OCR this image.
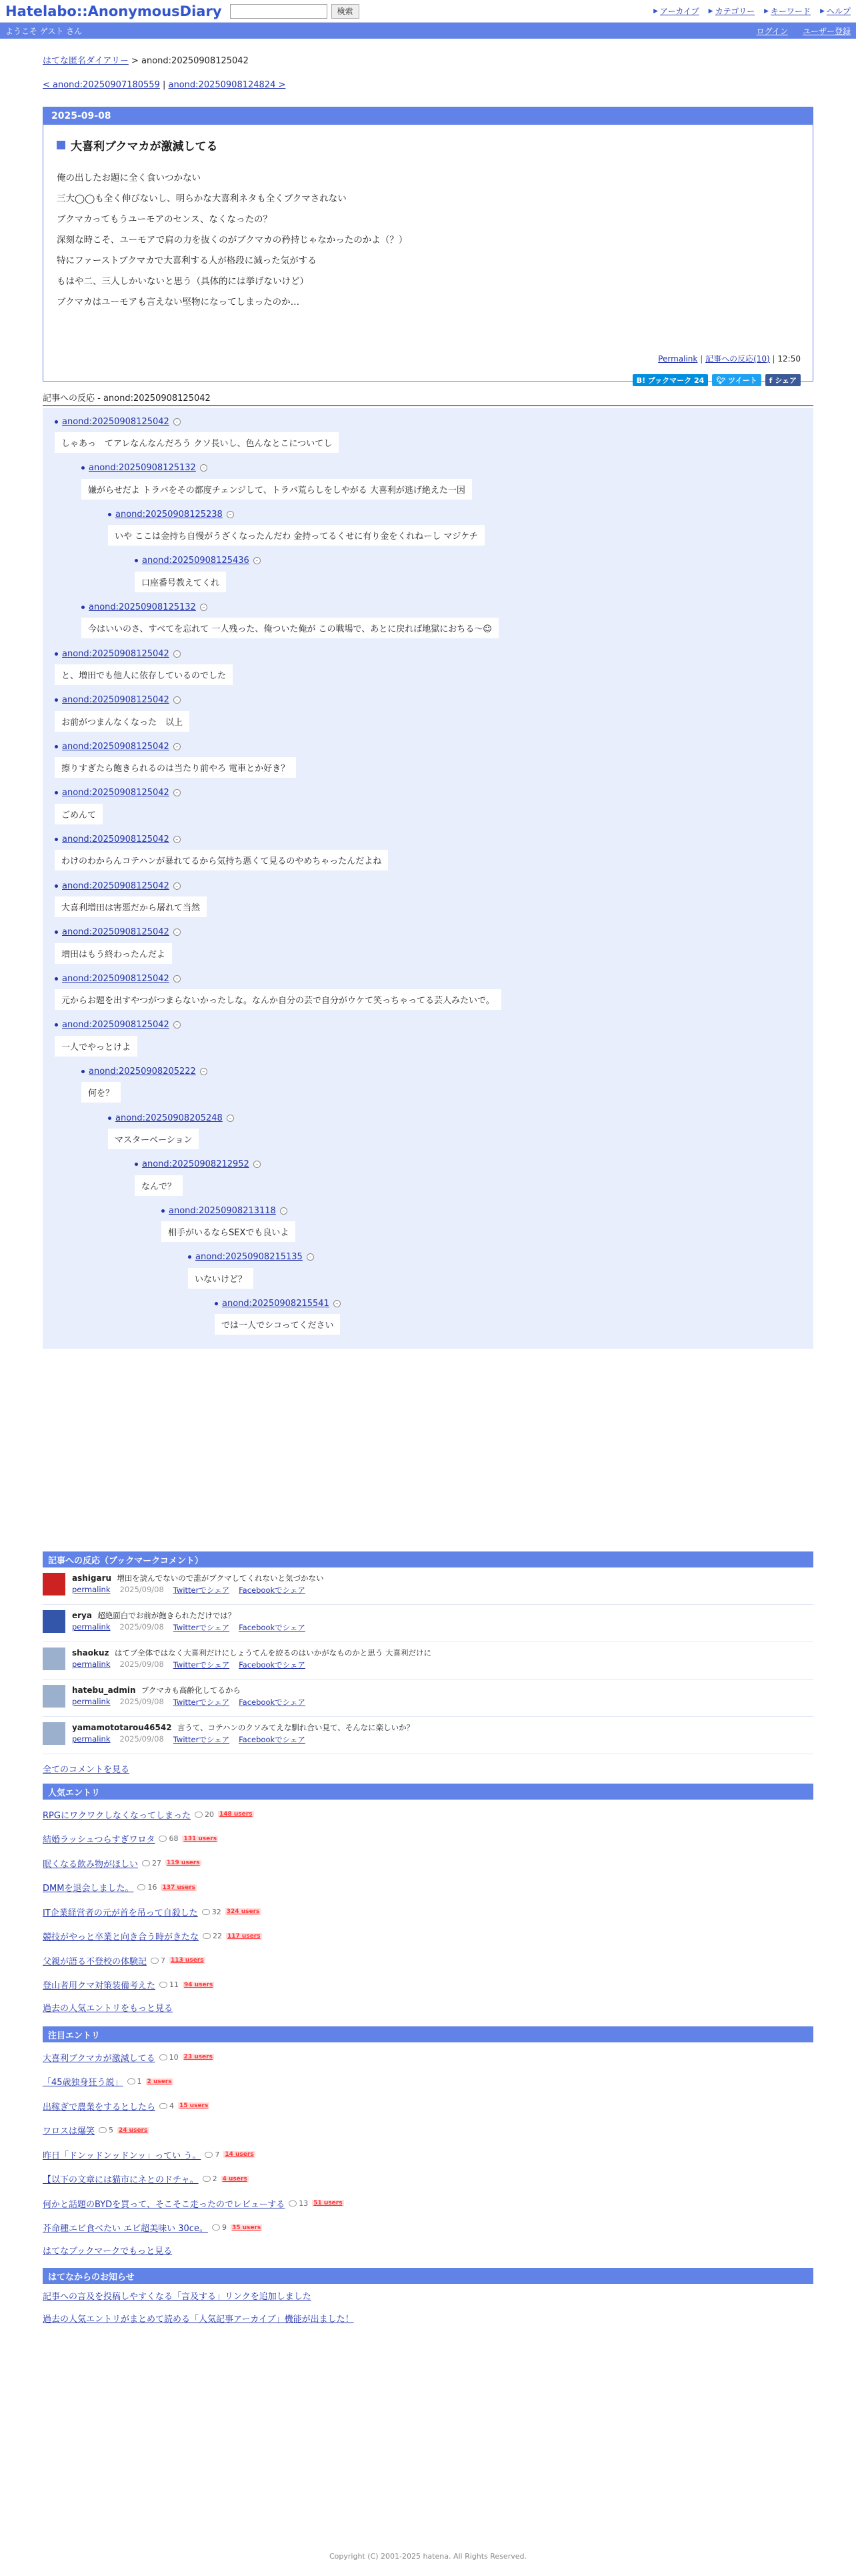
Hatelabo::AnonymousDiary	検索	▶ アーカイブ ▶ カテゴリー ▶ キーワード ▶ ヘルプ
ようこそ ゲスト さん	ログイン ユーザー登録
はてな匿名ダイアリー > anond:20250908125042
< anond:20250907180559 | anond:20250908124824 >
2025-09-08
大喜利ブクマカが激減してる
俺の出したお題に全く食いつかない
三大◯◯も全く伸びないし、明らかな大喜利ネタも全くブクマされない
ブクマカってもうユーモアのセンス、なくなったの？
深刻な時こそ、ユーモアで肩の力を抜くのがブクマカの矜持じゃなかったのかよ（？）
特にファーストブクマカで大喜利する人が格段に減った気がする
もはや二、三人しかいないと思う（具体的には挙げないけど）
ブクマカはユーモアも言えない堅物になってしまったのか…
Permalink | 記事への反応(10) | 12:50
B! ブックマーク 24	🐦︎
ツイート f
シェア
記事への反応 - anond:20250908125042
anond:20250908125042	–
しゃあっ　てアレなんなんだろう クソ長いし、色んなとこについてし
anond:20250908125132	–
嫌がらせだよ トラバをその都度チェンジして、トラバ荒らしをしやがる 大喜利が逃げ絶えた一因
anond:20250908125238	–
いや ここは金持ち自慢がうざくなったんだわ 金持ってるくせに有り金をくれねーし マジケチ
anond:20250908125436	–
口座番号教えてくれ
anond:20250908125132	–
今はいいのさ、すべてを忘れて 一人残った、俺ついた俺が この戦場で、あとに戻れば地獄におちる〜☺
anond:20250908125042	–
と、増田でも他人に依存しているのでした
anond:20250908125042	–
お前がつまんなくなった　以上
anond:20250908125042	–
擦りすぎたら飽きられるのは当たり前やろ 電車とか好き？
anond:20250908125042	–
ごめんて
anond:20250908125042	–
わけのわからんコテハンが暴れてるから気持ち悪くて見るのやめちゃったんだよね
anond:20250908125042	–
大喜利増田は害悪だから屠れて当然
anond:20250908125042	–
増田はもう終わったんだよ
anond:20250908125042	–
元からお題を出すやつがつまらないかったしな。なんか自分の芸で自分がウケて笑っちゃってる芸人みたいで。
anond:20250908125042	–
一人でやっとけよ
anond:20250908205222	–
何を？
anond:20250908205248	–
マスターベーション
anond:20250908212952	–
なんで？
anond:20250908213118	–
相手がいるならSEXでも良いよ
anond:20250908215135	–
いないけど？
anond:20250908215541	–
では一人でシコってください
記事への反応（ブックマークコメント）
ashigaru 増田を読んでないので誰がブクマしてくれないと気づかない
permalink 2025/09/08 Twitterでシェア Facebookでシェア
erya 超絶面白でお前が飽きられただけでは？
permalink 2025/09/08 Twitterでシェア Facebookでシェア
shaokuz はてブ全体ではなく大喜利だけにしょうてんを絞るのはいかがなものかと思う 大喜利だけに
permalink 2025/09/08 Twitterでシェア Facebookでシェア
hatebu_admin ブクマカも高齢化してるから
permalink 2025/09/08 Twitterでシェア Facebookでシェア
yamamototarou46542 言うて、コテハンのクソみてえな馴れ合い見て、そんなに楽しいか？
permalink 2025/09/08 Twitterでシェア Facebookでシェア
全てのコメントを見る
人気エントリ
RPGにワクワクしなくなってしまった 20 148 users
結婚ラッシュつらすぎワロタ 68 131 users
眠くなる飲み物がほしい 27 119 users
DMMを退会しました。 16 137 users
IT企業経営者の元が首を吊って自殺した 32 324 users
競技がやっと卒業と向き合う時がきたな 22 117 users
父親が語る不登校の体験記 7 113 users
登山者用クマ対策装備考えた 11 94 users
過去の人気エントリをもっと見る
注目エントリ
大喜利ブクマカが激減してる 10 23 users
「45歳独身狂う説」 1 2 users
出稼ぎで農業をするとしたら 4 15 users
ワロスは爆笑 5 24 users
昨日「ドンッドンッドンッ」ってい う。 7 14 users
【以下の文章には猫市にネとのドチャ。 2 4 users
何かと話題のBYDを買って、そこそこ走ったのでレビューする 13 51 users
芥命種エビ食べたい エビ超美味い 30ce。 9 35 users
はてなブックマークでもっと見る
はてなからのお知らせ
記事への言及を投稿しやすくなる「言及する」リンクを追加しました
過去の人気エントリがまとめて読める「人気記事アーカイブ」機能が出ました！
Copyright (C) 2001-2025 hatena. All Rights Reserved.
